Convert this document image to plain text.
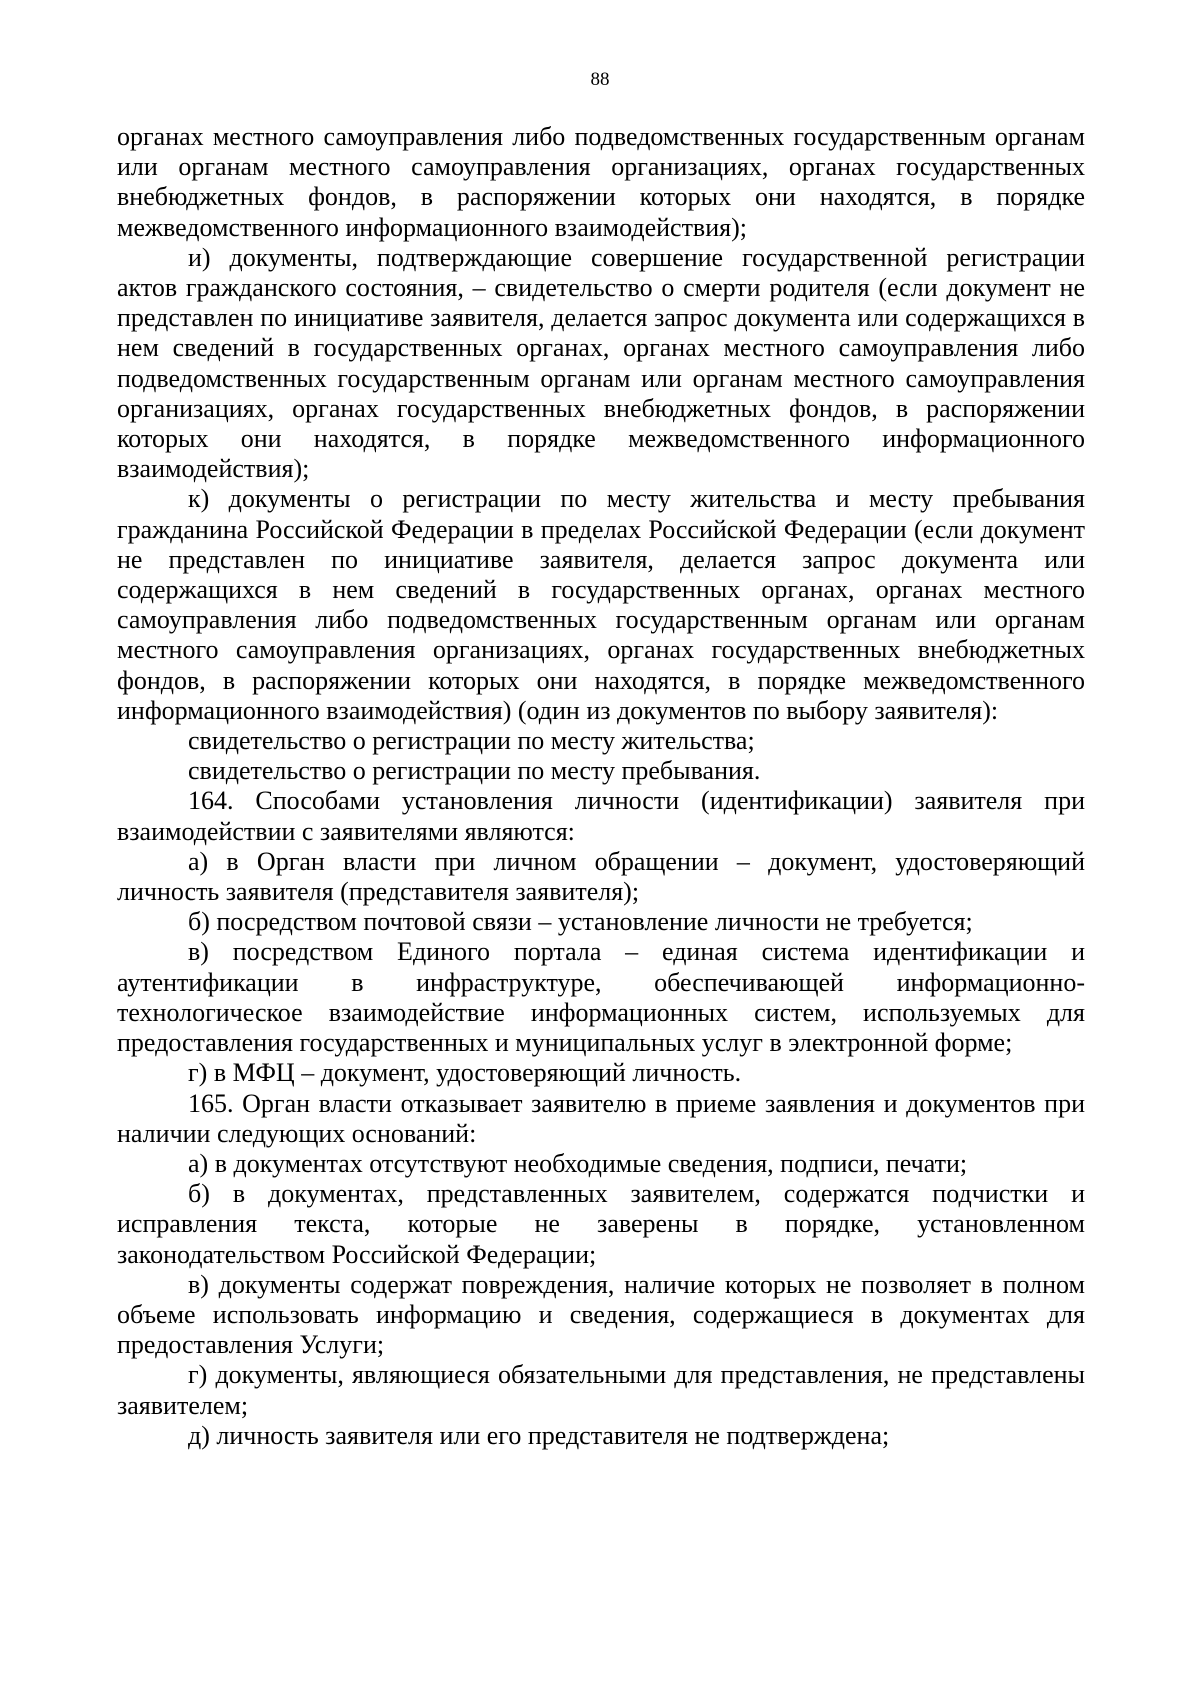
88

органах местного самоуправления либо подведомственных государственным органам или органам местного самоуправления организациях, органах государственных внебюджетных фондов, в распоряжении которых они находятся, в порядке межведомственного информационного взаимодействия);

и) документы, подтверждающие совершение государственной регистрации актов гражданского состояния, – свидетельство о смерти родителя (если документ не представлен по инициативе заявителя, делается запрос документа или содержащихся в нем сведений в государственных органах, органах местного самоуправления либо подведомственных государственным органам или органам местного самоуправления организациях, органах государственных внебюджетных фондов, в распоряжении которых они находятся, в порядке межведомственного информационного взаимодействия);

к) документы о регистрации по месту жительства и месту пребывания гражданина Российской Федерации в пределах Российской Федерации (если документ не представлен по инициативе заявителя, делается запрос документа или содержащихся в нем сведений в государственных органах, органах местного самоуправления либо подведомственных государственным органам или органам местного самоуправления организациях, органах государственных внебюджетных фондов, в распоряжении которых они находятся, в порядке межведомственного информационного взаимодействия) (один из документов по выбору заявителя):

свидетельство о регистрации по месту жительства;

свидетельство о регистрации по месту пребывания.

164. Способами установления личности (идентификации) заявителя при взаимодействии с заявителями являются:

а) в Орган власти при личном обращении – документ, удостоверяющий личность заявителя (представителя заявителя);

б) посредством почтовой связи – установление личности не требуется;

в) посредством Единого портала – единая система идентификации и аутентификации в инфраструктуре, обеспечивающей информационно-технологическое взаимодействие информационных систем, используемых для предоставления государственных и муниципальных услуг в электронной форме;

г) в МФЦ – документ, удостоверяющий личность.

165. Орган власти отказывает заявителю в приеме заявления и документов при наличии следующих оснований:

а) в документах отсутствуют необходимые сведения, подписи, печати;

б) в документах, представленных заявителем, содержатся подчистки и исправления текста, которые не заверены в порядке, установленном законодательством Российской Федерации;

в) документы содержат повреждения, наличие которых не позволяет в полном объеме использовать информацию и сведения, содержащиеся в документах для предоставления Услуги;

г) документы, являющиеся обязательными для представления, не представлены заявителем;

д) личность заявителя или его представителя не подтверждена;
